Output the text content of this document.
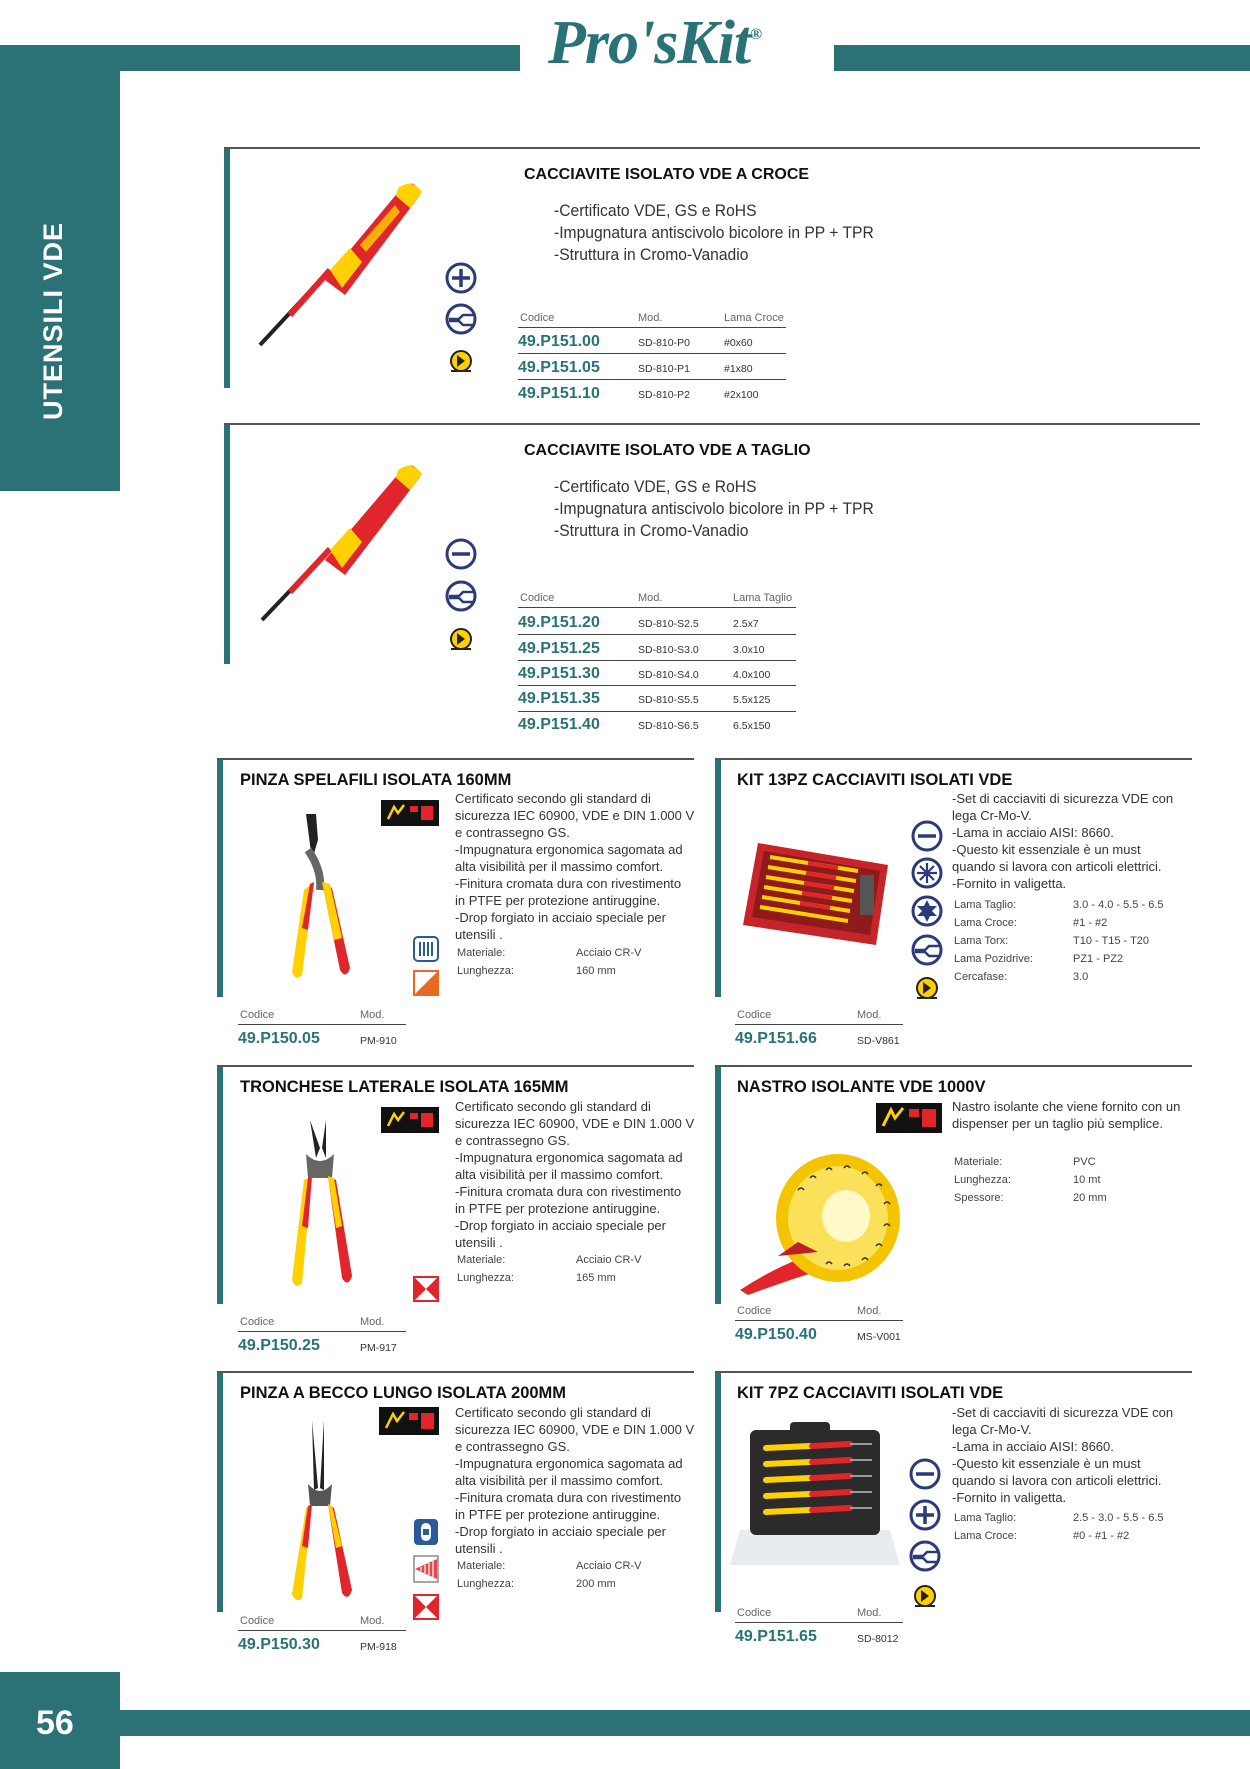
Pro'sKit®
UTENSILI VDE
56
CACCIAVITE ISOLATO VDE A CROCE
-Certificato VDE, GS e RoHS
-Impugnatura antiscivolo bicolore in PP + TPR
-Struttura in Cromo-Vanadio
Codice	Mod.	Lama Croce
49.P151.00	SD-810-P0	#0x60
49.P151.05	SD-810-P1	#1x80
49.P151.10	SD-810-P2	#2x100
CACCIAVITE ISOLATO VDE A TAGLIO
-Certificato VDE, GS e RoHS
-Impugnatura antiscivolo bicolore in PP + TPR
-Struttura in Cromo-Vanadio
Codice	Mod.	Lama Taglio
49.P151.20	SD-810-S2.5	2.5x7
49.P151.25	SD-810-S3.0	3.0x10
49.P151.30	SD-810-S4.0	4.0x100
49.P151.35	SD-810-S5.5	5.5x125
49.P151.40	SD-810-S6.5	6.5x150
PINZA SPELAFILI ISOLATA 160MM
Certificato secondo gli standard di
sicurezza IEC 60900, VDE e DIN 1.000 V
e contrassegno GS.
-Impugnatura ergonomica sagomata ad
alta visibilità per il massimo comfort.
-Finitura cromata dura con rivestimento
in PTFE per protezione antiruggine.
-Drop forgiato in acciaio speciale per
utensili .
Materiale:	Acciaio CR-V
Lunghezza:	160 mm
Codice	Mod.
49.P150.05	PM-910
KIT 13PZ CACCIAVITI ISOLATI VDE
-Set di cacciaviti di sicurezza VDE con
lega Cr-Mo-V.
-Lama in acciaio AISI: 8660.
-Questo kit essenziale è un must
quando si lavora con articoli elettrici.
-Fornito in valigetta.
Lama Taglio:	3.0 - 4.0 - 5.5 - 6.5
Lama Croce:	#1 - #2
Lama Torx:	T10 - T15 - T20
Lama Pozidrive:	PZ1 - PZ2
Cercafase:	3.0
Codice	Mod.
49.P151.66	SD-V861
TRONCHESE LATERALE ISOLATA 165MM
Certificato secondo gli standard di
sicurezza IEC 60900, VDE e DIN 1.000 V
e contrassegno GS.
-Impugnatura ergonomica sagomata ad
alta visibilità per il massimo comfort.
-Finitura cromata dura con rivestimento
in PTFE per protezione antiruggine.
-Drop forgiato in acciaio speciale per
utensili .
Materiale:	Acciaio CR-V
Lunghezza:	165 mm
Codice	Mod.
49.P150.25	PM-917
NASTRO ISOLANTE VDE 1000V
Nastro isolante che viene fornito con un
dispenser per un taglio più semplice.
Materiale:	PVC
Lunghezza:	10 mt
Spessore:	20 mm
Codice	Mod.
49.P150.40	MS-V001
PINZA A BECCO LUNGO ISOLATA 200MM
Certificato secondo gli standard di
sicurezza IEC 60900, VDE e DIN 1.000 V
e contrassegno GS.
-Impugnatura ergonomica sagomata ad
alta visibilità per il massimo comfort.
-Finitura cromata dura con rivestimento
in PTFE per protezione antiruggine.
-Drop forgiato in acciaio speciale per
utensili .
Materiale:	Acciaio CR-V
Lunghezza:	200 mm
Codice	Mod.
49.P150.30	PM-918
KIT 7PZ CACCIAVITI ISOLATI VDE
-Set di cacciaviti di sicurezza VDE con
lega Cr-Mo-V.
-Lama in acciaio AISI: 8660.
-Questo kit essenziale è un must
quando si lavora con articoli elettrici.
-Fornito in valigetta.
Lama Taglio:	2.5 - 3.0 - 5.5 - 6.5
Lama Croce:	#0 - #1 - #2
Codice	Mod.
49.P151.65	SD-8012
